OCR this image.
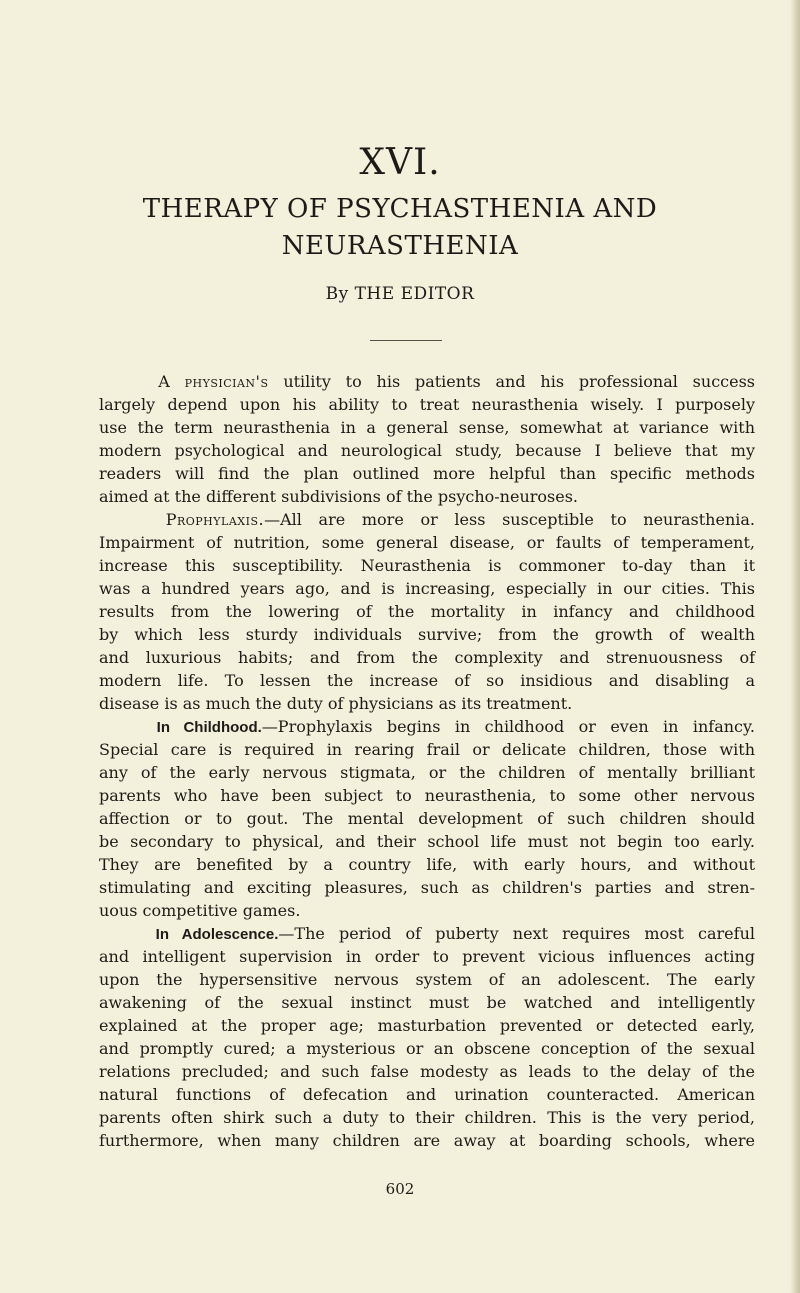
XVI.
THERAPY OF PSYCHASTHENIA AND
NEURASTHENIA
By THE EDITOR
A physician's utility to his patients and his professional success
largely depend upon his ability to treat neurasthenia wisely. I purposely
use the term neurasthenia in a general sense, somewhat at variance with
modern psychological and neurological study, because I believe that my
readers will find the plan outlined more helpful than specific methods
aimed at the different subdivisions of the psycho-neuroses.
Prophylaxis.—All are more or less susceptible to neurasthenia.
Impairment of nutrition, some general disease, or faults of temperament,
increase this susceptibility. Neurasthenia is commoner to-day than it
was a hundred years ago, and is increasing, especially in our cities. This
results from the lowering of the mortality in infancy and childhood
by which less sturdy individuals survive; from the growth of wealth
and luxurious habits; and from the complexity and strenuousness of
modern life. To lessen the increase of so insidious and disabling a
disease is as much the duty of physicians as its treatment.
In Childhood.—Prophylaxis begins in childhood or even in infancy.
Special care is required in rearing frail or delicate children, those with
any of the early nervous stigmata, or the children of mentally brilliant
parents who have been subject to neurasthenia, to some other nervous
affection or to gout. The mental development of such children should
be secondary to physical, and their school life must not begin too early.
They are benefited by a country life, with early hours, and without
stimulating and exciting pleasures, such as children's parties and stren-
uous competitive games.
In Adolescence.—The period of puberty next requires most careful
and intelligent supervision in order to prevent vicious influences acting
upon the hypersensitive nervous system of an adolescent. The early
awakening of the sexual instinct must be watched and intelligently
explained at the proper age; masturbation prevented or detected early,
and promptly cured; a mysterious or an obscene conception of the sexual
relations precluded; and such false modesty as leads to the delay of the
natural functions of defecation and urination counteracted. American
parents often shirk such a duty to their children. This is the very period,
furthermore, when many children are away at boarding schools, where
602
